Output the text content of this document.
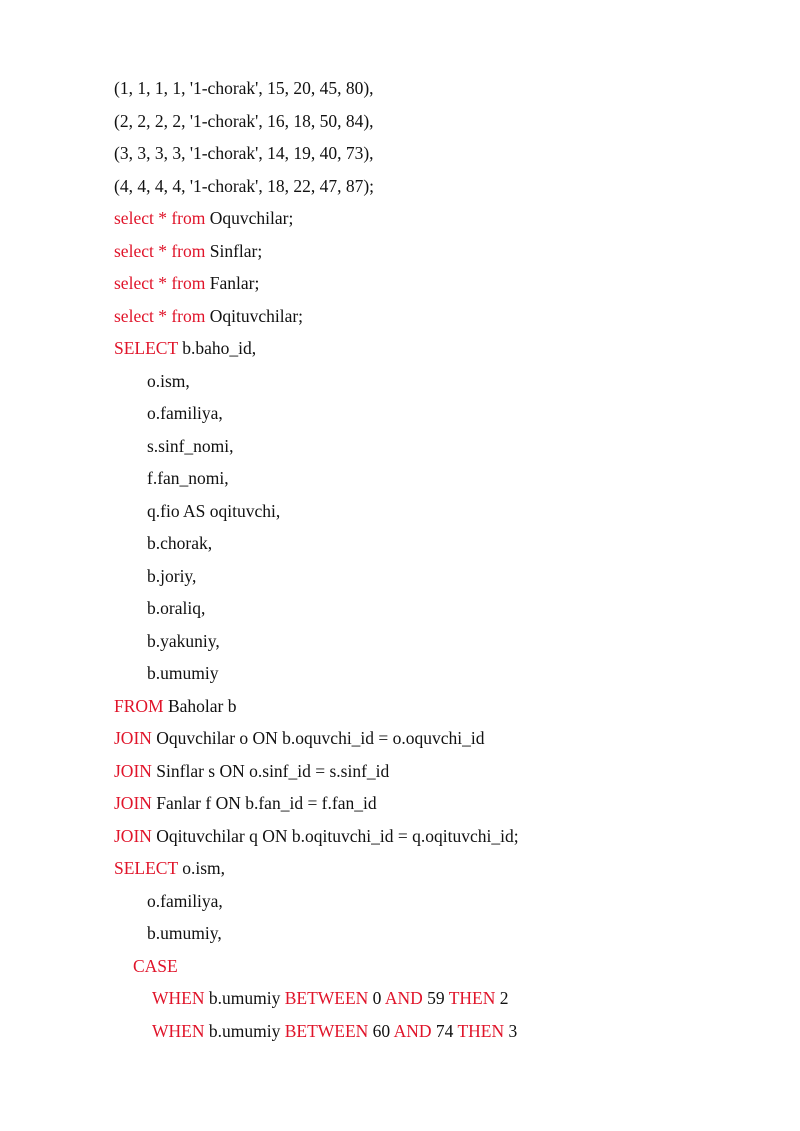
(1, 1, 1, 1, '1-chorak', 15, 20, 45, 80),
(2, 2, 2, 2, '1-chorak', 16, 18, 50, 84),
(3, 3, 3, 3, '1-chorak', 14, 19, 40, 73),
(4, 4, 4, 4, '1-chorak', 18, 22, 47, 87);
select * from Oquvchilar;
select * from Sinflar;
select * from Fanlar;
select * from Oqituvchilar;
SELECT b.baho_id,
o.ism,
o.familiya,
s.sinf_nomi,
f.fan_nomi,
q.fio AS oqituvchi,
b.chorak,
b.joriy,
b.oraliq,
b.yakuniy,
b.umumiy
FROM Baholar b
JOIN Oquvchilar o ON b.oquvchi_id = o.oquvchi_id
JOIN Sinflar s ON o.sinf_id = s.sinf_id
JOIN Fanlar f ON b.fan_id = f.fan_id
JOIN Oqituvchilar q ON b.oqituvchi_id = q.oqituvchi_id;
SELECT o.ism,
o.familiya,
b.umumiy,
CASE
WHEN b.umumiy BETWEEN 0 AND 59 THEN 2
WHEN b.umumiy BETWEEN 60 AND 74 THEN 3
